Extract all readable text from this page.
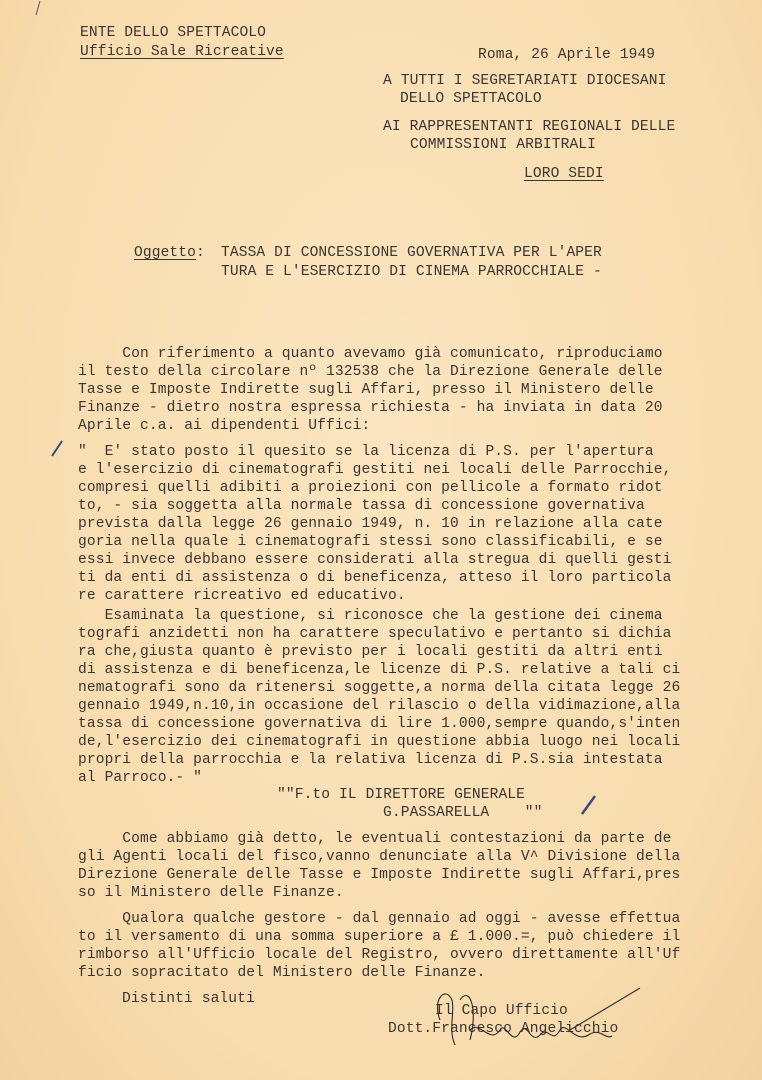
ENTE DELLO SPETTACOLO
Ufficio Sale Ricreative	Roma, 26 Aprile 1949
A TUTTI I SEGRETARIATI DIOCESANI
DELLO SPETTACOLO
AI RAPPRESENTANTI REGIONALI DELLE
COMMISSIONI ARBITRALI
LORO SEDI
Oggetto: TASSA DI CONCESSIONE GOVERNATIVA PER L'APER
TURA E L'ESERCIZIO DI CINEMA PARROCCHIALE -
Con riferimento a quanto avevamo già comunicato, riproduciamo
il testo della circolare nº 132538 che la Direzione Generale delle
Tasse e Imposte Indirette sugli Affari, presso il Ministero delle
Finanze - dietro nostra espressa richiesta - ha inviata in data 20
Aprile c.a. ai dipendenti Uffici:
"  E' stato posto il quesito se la licenza di P.S. per l'apertura
e l'esercizio di cinematografi gestiti nei locali delle Parrocchie,
compresi quelli adibiti a proiezioni con pellicole a formato ridot
to, - sia soggetta alla normale tassa di concessione governativa
prevista dalla legge 26 gennaio 1949, n. 10 in relazione alla cate
goria nella quale i cinematografi stessi sono classificabili, e se
essi invece debbano essere considerati alla stregua di quelli gesti
ti da enti di assistenza o di beneficenza, atteso il loro particola
re carattere ricreativo ed educativo.
Esaminata la questione, si riconosce che la gestione dei cinema
tografi anzidetti non ha carattere speculativo e pertanto si dichia
ra che,giusta quanto è previsto per i locali gestiti da altri enti
di assistenza e di beneficenza,le licenze di P.S. relative a tali ci
nematografi sono da ritenersi soggette,a norma della citata legge 26
gennaio 1949,n.10,in occasione del rilascio o della vidimazione,alla
tassa di concessione governativa di lire 1.000,sempre quando,s'inten
de,l'esercizio dei cinematografi in questione abbia luogo nei locali
propri della parrocchia e la relativa licenza di P.S.sia intestata
al Parroco.- "
""F.to IL DIRETTORE GENERALE
G.PASSARELLA    ""
Come abbiamo già detto, le eventuali contestazioni da parte de
gli Agenti locali del fisco,vanno denunciate alla V^ Divisione della
Direzione Generale delle Tasse e Imposte Indirette sugli Affari,pres
so il Ministero delle Finanze.
Qualora qualche gestore - dal gennaio ad oggi - avesse effettua
to il versamento di una somma superiore a £ 1.000.=, può chiedere il
rimborso all'Ufficio locale del Registro, ovvero direttamente all'Uf
ficio sopracitato del Ministero delle Finanze.
Distinti saluti
Il Capo Ufficio
Dott.Francesco Angelicchio
